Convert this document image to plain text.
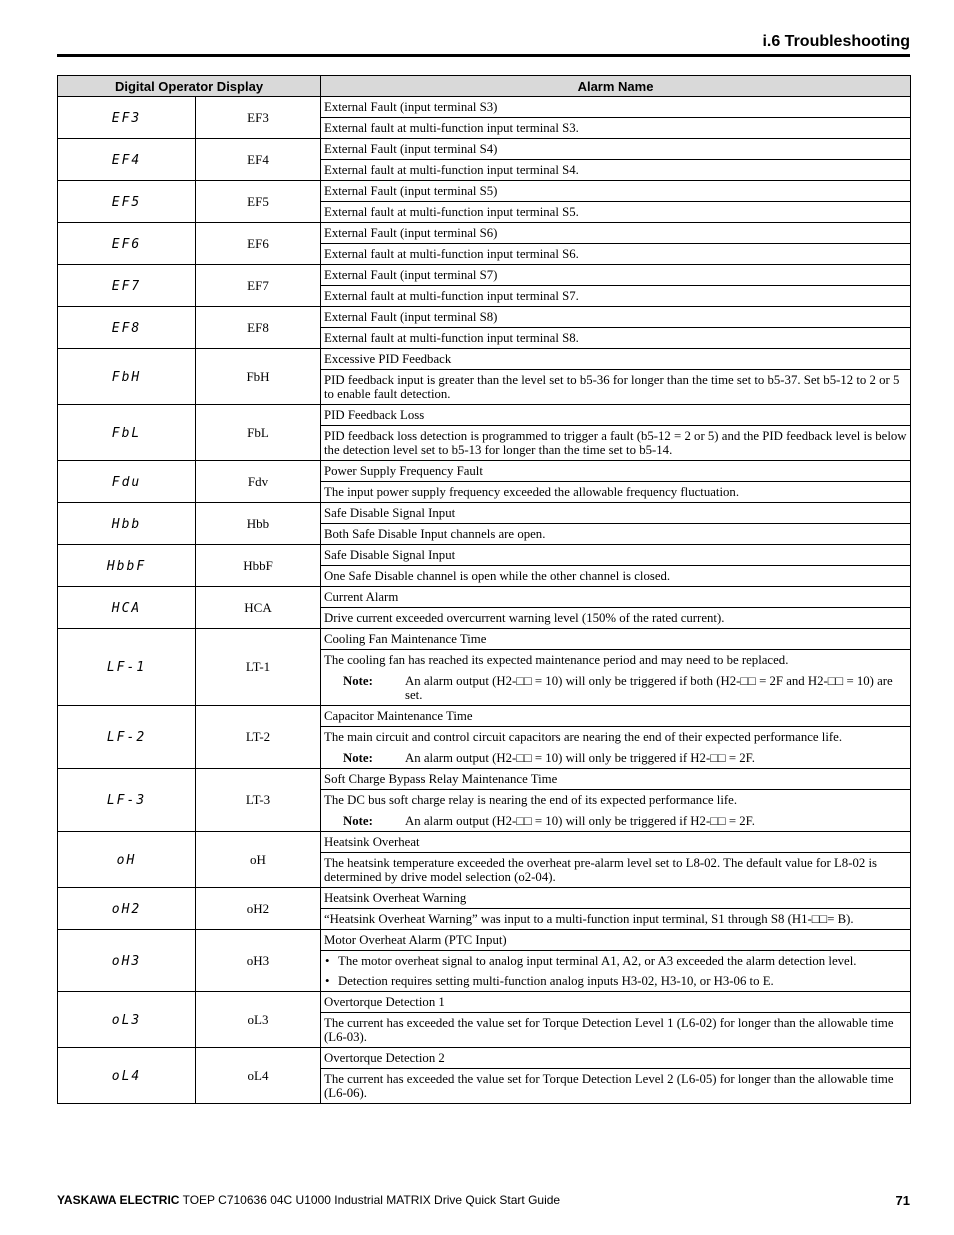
i.6 Troubleshooting
Digital Operator Display		Alarm Name
EF3	EF3	External Fault (input terminal S3)

		External fault at multi-function input terminal S3.

EF4	EF4	External Fault (input terminal S4)

		External fault at multi-function input terminal S4.

EF5	EF5	External Fault (input terminal S5)

		External fault at multi-function input terminal S5.

EF6	EF6	External Fault (input terminal S6)

		External fault at multi-function input terminal S6.

EF7	EF7	External Fault (input terminal S7)

		External fault at multi-function input terminal S7.

EF8	EF8	External Fault (input terminal S8)

		External fault at multi-function input terminal S8.

FbH	FbH	Excessive PID Feedback

		PID feedback input is greater than the level set to b5-36 for longer than the time set to b5-37. Set b5-12 to 2 or 5 to enable fault detection.

FbL	FbL	PID Feedback Loss

		PID feedback loss detection is programmed to trigger a fault (b5-12 = 2 or 5) and the PID feedback level is below the detection level set to b5-13 for longer than the time set to b5-14.

Fdu	Fdv	Power Supply Frequency Fault

		The input power supply frequency exceeded the allowable frequency fluctuation.

Hbb	Hbb	Safe Disable Signal Input

		Both Safe Disable Input channels are open.

HbbF	HbbF	Safe Disable Signal Input

		One Safe Disable channel is open while the other channel is closed.

HCA	HCA	Current Alarm

		Drive current exceeded overcurrent warning level (150% of the rated current).

LF-1	LT-1	Cooling Fan Maintenance Time

		The cooling fan has reached its expected maintenance period and may need to be replaced.
Note: An alarm output (H2-□□ = 10) will only be triggered if both (H2-□□ = 2F and H2-□□ = 10) are set.

LF-2	LT-2	Capacitor Maintenance Time

		The main circuit and control circuit capacitors are nearing the end of their expected performance life.
Note: An alarm output (H2-□□ = 10) will only be triggered if H2-□□ = 2F.

LF-3	LT-3	Soft Charge Bypass Relay Maintenance Time

		The DC bus soft charge relay is nearing the end of its expected performance life.
Note: An alarm output (H2-□□ = 10) will only be triggered if H2-□□ = 2F.

oH	oH	Heatsink Overheat

		The heatsink temperature exceeded the overheat pre-alarm level set to L8-02. The default value for L8-02 is determined by drive model selection (o2-04).

oH2	oH2	Heatsink Overheat Warning

		“Heatsink Overheat Warning” was input to a multi-function input terminal, S1 through S8 (H1-□□= B).

oH3	oH3	Motor Overheat Alarm (PTC Input)

		• The motor overheat signal to analog input terminal A1, A2, or A3 exceeded the alarm detection level.
• Detection requires setting multi-function analog inputs H3-02, H3-10, or H3-06 to E.

oL3	oL3	Overtorque Detection 1

		The current has exceeded the value set for Torque Detection Level 1 (L6-02) for longer than the allowable time (L6-03).

oL4	oL4	Overtorque Detection 2

		The current has exceeded the value set for Torque Detection Level 2 (L6-05) for longer than the allowable time (L6-06).
YASKAWA ELECTRIC TOEP C710636 04C U1000 Industrial MATRIX Drive Quick Start Guide	71
